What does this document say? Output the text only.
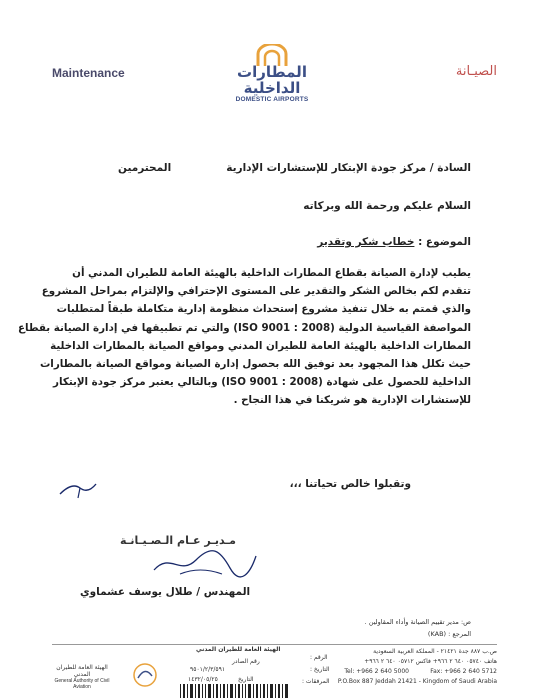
Maintenance	المطارات الداخلية
DOMESTIC AIRPORTS
الصيـانة
السادة / مركز جودة الإبتكار للإستشارات الإدارية
المحترمين
السلام عليكم ورحمة الله وبركاته
الموضوع : خطاب شكر وتقدير
يطيب لإدارة الصيانة بقطاع المطارات الداخلية بالهيئة العامة للطيران المدني أن
تتقدم لكم بخالص الشكر والتقدير على المستوى الإحترافي والإلتزام بمراحل المشروع
والذي قمتم به خلال تنفيذ مشروع إستحداث منظومة إدارية متكاملة طبقاً لمتطلبات
المواصفة القياسية الدولية (ISO 9001 : 2008) والتي تم تطبيقها في إدارة الصيانة بقطاع
المطارات الداخلية بالهيئة العامة للطيران المدني ومواقع الصيانة بالمطارات الداخلية
حيث تكلل هذا المجهود بعد توفيق الله بحصول إدارة الصيانة ومواقع الصيانة بالمطارات
الداخلية للحصول على شهادة (ISO 9001 : 2008) وبالتالي يعتبر مركز جودة الإبتكار
للإستشارات الإدارية هو شريكنا في هذا النجاح .
وتقبلوا خالص تحياتنا ،،،
مـديـر عـام الـصـيـانـة
المهندس / طلال يوسف عشماوي
ص: مدير تقييم الصيانة وأداء المقاولين .
المرجع : (KAB)
ص.ب ٨٨٧ جدة ٢١٤٢١ - المملكة العربية السعودية
هاتف ٠٥٧٤٠ ٦٤٠ ٢ ٩٦٦+ فاكس ٠٥٧١٢ ٦٤٠ ٢ ٩٦٦+
Tel: +966 2 640 5000	Fax: +966 2 640 5712
P.O.Box 887 Jeddah 21421 - Kingdom of Saudi Arabia
الرقم :
التاريخ :
المرفقات :
الهيئة العامة للطيران المدني
رقم الصادر
٩٥٠١/٢/٣/٥٩١
التاريخ
١٤٣٢/٠٥/٢٥
الهيئة العامة للطيران المدني
General Authority of Civil Aviation
